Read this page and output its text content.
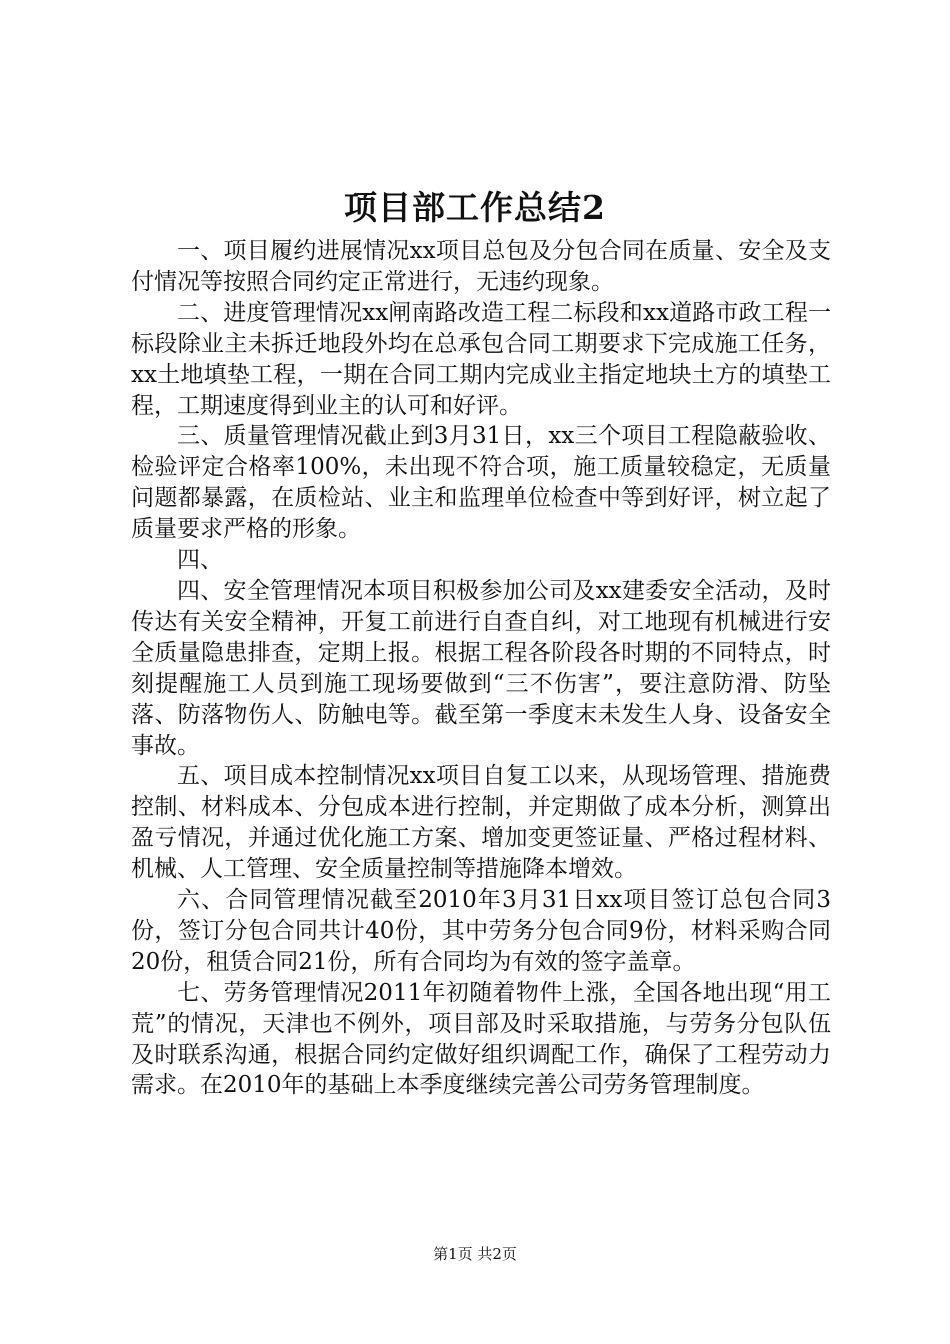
项目部工作总结2

一、项目履约进展情况xx项目总包及分包合同在质量、安全及支付情况等按照合同约定正常进行，无违约现象。

二、进度管理情况xx闸南路改造工程二标段和xx道路市政工程一标段除业主未拆迁地段外均在总承包合同工期要求下完成施工任务，xx土地填垫工程，一期在合同工期内完成业主指定地块土方的填垫工程，工期速度得到业主的认可和好评。

三、质量管理情况截止到3月31日，xx三个项目工程隐蔽验收、检验评定合格率100%，未出现不符合项，施工质量较稳定，无质量问题都暴露，在质检站、业主和监理单位检查中等到好评，树立起了质量要求严格的形象。

四、

四、安全管理情况本项目积极参加公司及xx建委安全活动，及时传达有关安全精神，开复工前进行自查自纠，对工地现有机械进行安全质量隐患排查，定期上报。根据工程各阶段各时期的不同特点，时刻提醒施工人员到施工现场要做到“三不伤害”，要注意防滑、防坠落、防落物伤人、防触电等。截至第一季度末未发生人身、设备安全事故。

五、项目成本控制情况xx项目自复工以来，从现场管理、措施费控制、材料成本、分包成本进行控制，并定期做了成本分析，测算出盈亏情况，并通过优化施工方案、增加变更签证量、严格过程材料、机械、人工管理、安全质量控制等措施降本增效。

六、合同管理情况截至2010年3月31日xx项目签订总包合同3份，签订分包合同共计40份，其中劳务分包合同9份，材料采购合同20份，租赁合同21份，所有合同均为有效的签字盖章。

七、劳务管理情况2011年初随着物件上涨，全国各地出现“用工荒”的情况，天津也不例外，项目部及时采取措施，与劳务分包队伍及时联系沟通，根据合同约定做好组织调配工作，确保了工程劳动力需求。在2010年的基础上本季度继续完善公司劳务管理制度。

第1页 共2页
